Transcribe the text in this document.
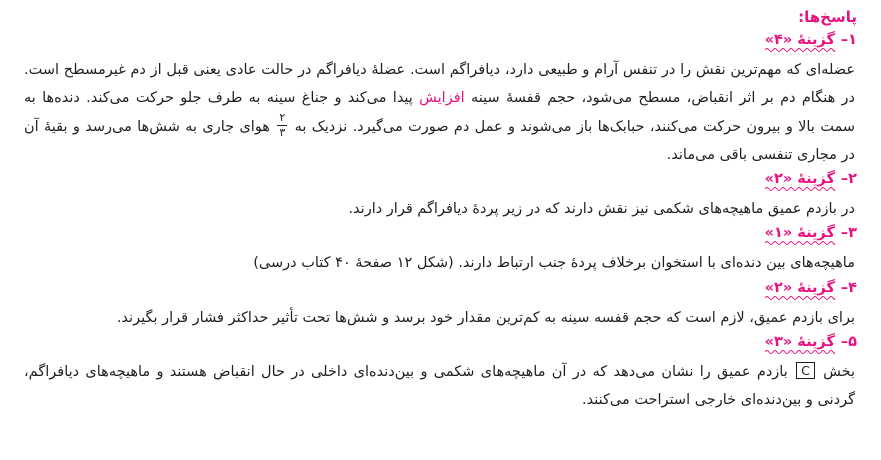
پاسخ‌ها:
۱–
گزینۀ «۴»
عضله‌ای که مهم‌ترین نقش را در تنفس آرام و طبیعی دارد، دیافراگم است. عضلۀ دیافراگم در حالت عادی یعنی قبل از دم غیرمسطح است. در هنگام دم بر اثر انقباض، مسطح می‌شود، حجم قفسۀ سینه افزایش پیدا می‌کند و جناغ سینه به طرف جلو حرکت می‌کند. دنده‌ها به سمت بالا و بیرون حرکت می‌کنند، حبابک‌ها باز می‌شوند و عمل دم صورت می‌گیرد. نزدیک به
$\frac{۲}{۳}$
هوای جاری به شش‌ها می‌رسد و بقیۀ آن در مجاری تنفسی باقی می‌ماند.
۲–
گزینۀ «۲»
در بازدم عمیق ماهیچه‌های شکمی نیز نقش دارند که در زیر پردۀ دیافراگم قرار دارند.
۳–
گزینۀ «۱»
ماهیچه‌های بین دنده‌ای با استخوان برخلاف پردۀ جنب ارتباط دارند. (شکل ۱۲ صفحۀ ۴۰ کتاب درسی)
۴–
گزینۀ «۲»
برای بازدم عمیق، لازم است که حجم قفسه سینه به کم‌ترین مقدار خود برسد و شش‌ها تحت تأثیر حداکثر فشار قرار بگیرند.
۵–
گزینۀ «۳»
بخش C بازدم عمیق را نشان می‌دهد که در آن ماهیچه‌های شکمی و بین‌دنده‌ای داخلی در حال انقباض هستند و ماهیچه‌های دیافراگم، گردنی و بین‌دنده‌ای خارجی استراحت می‌کنند.
